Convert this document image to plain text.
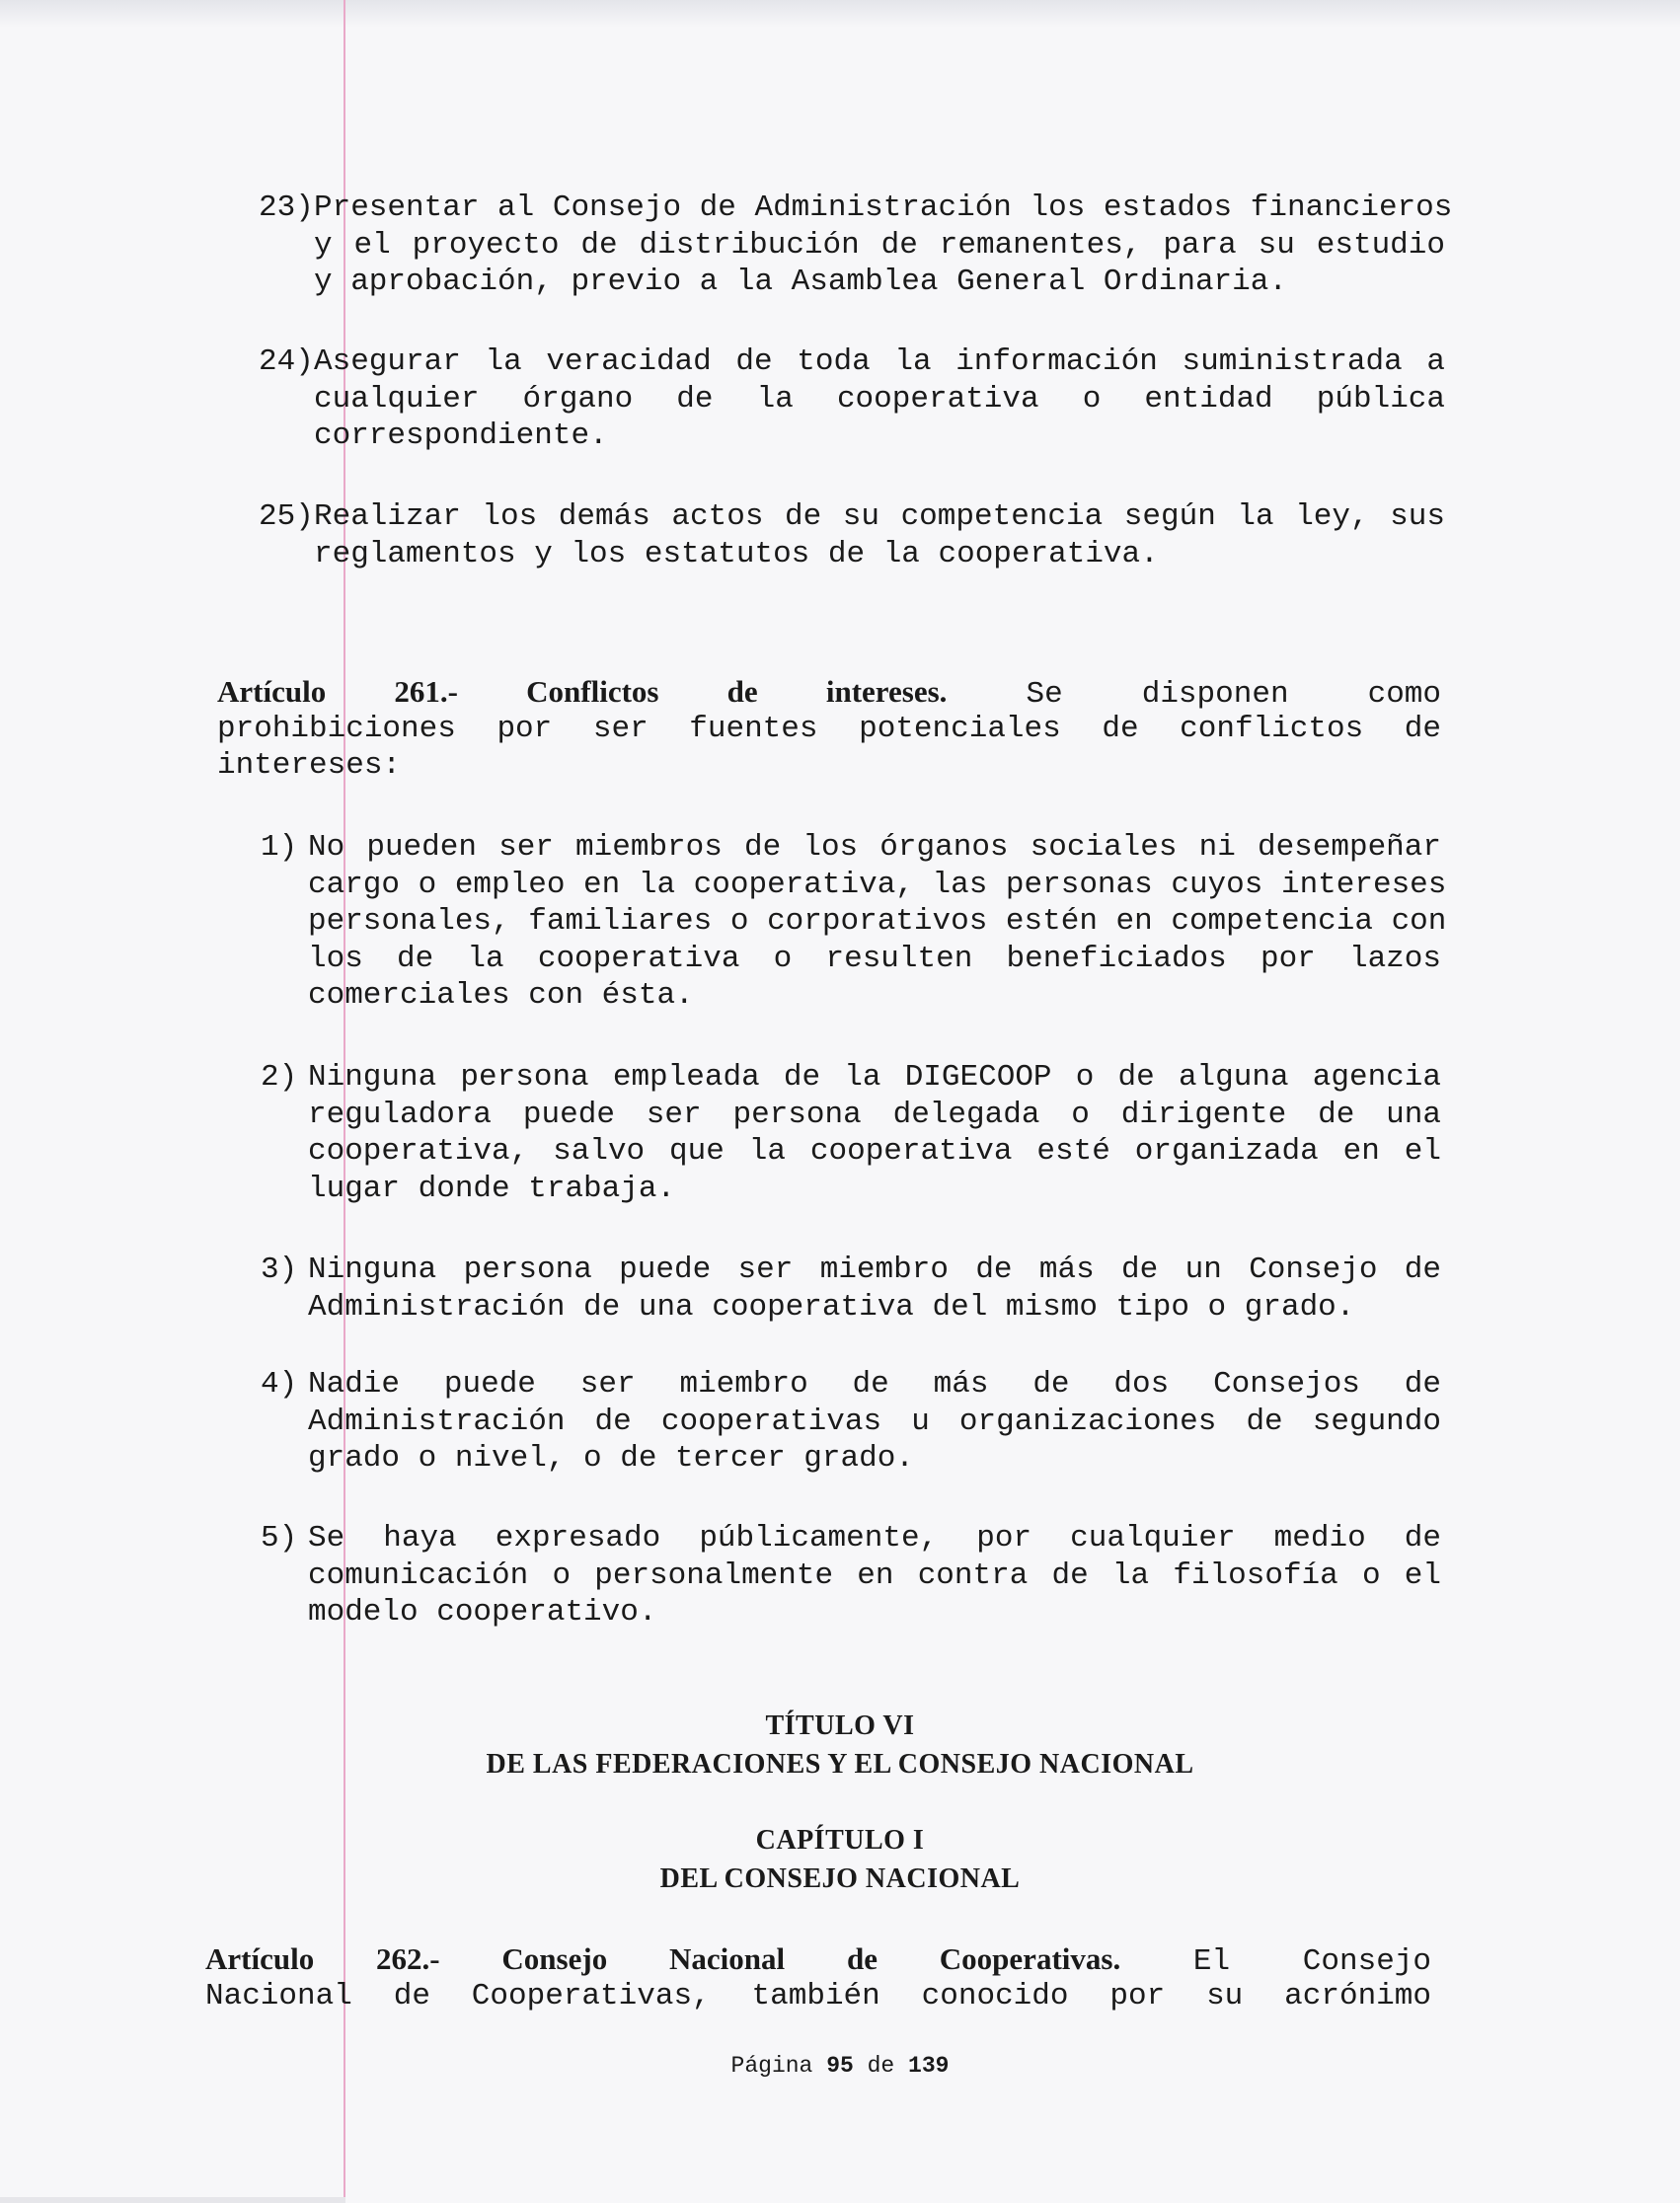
23) Presentar al Consejo de Administración los estados financieros
y el proyecto de distribución de remanentes, para su estudio
y aprobación, previo a la Asamblea General Ordinaria.
24) Asegurar la veracidad de toda la información suministrada a
cualquier órgano de la cooperativa o entidad pública
correspondiente.
25) Realizar los demás actos de su competencia según la ley, sus
reglamentos y los estatutos de la cooperativa.
Artículo 261.- Conflictos de intereses.	Se disponen como
prohibiciones por ser fuentes potenciales de conflictos de
intereses:
1) No pueden ser miembros de los órganos sociales ni desempeñar
cargo o empleo en la cooperativa, las personas cuyos intereses
personales, familiares o corporativos estén en competencia con
los de la cooperativa o resulten beneficiados por lazos
comerciales con ésta.
2) Ninguna persona empleada de la DIGECOOP o de alguna agencia
reguladora puede ser persona delegada o dirigente de una
cooperativa, salvo que la cooperativa esté organizada en el
lugar donde trabaja.
3) Ninguna persona puede ser miembro de más de un Consejo de
Administración de una cooperativa del mismo tipo o grado.
4) Nadie puede ser miembro de más de dos Consejos de
Administración de cooperativas u organizaciones de segundo
grado o nivel, o de tercer grado.
5) Se haya expresado públicamente, por cualquier medio de
comunicación o personalmente en contra de la filosofía o el
modelo cooperativo.
TÍTULO VI
DE LAS FEDERACIONES Y EL CONSEJO NACIONAL
CAPÍTULO I
DEL CONSEJO NACIONAL
Artículo 262.- Consejo Nacional de Cooperativas. El Consejo
Nacional de Cooperativas, también conocido por su acrónimo
Página 95 de 139
